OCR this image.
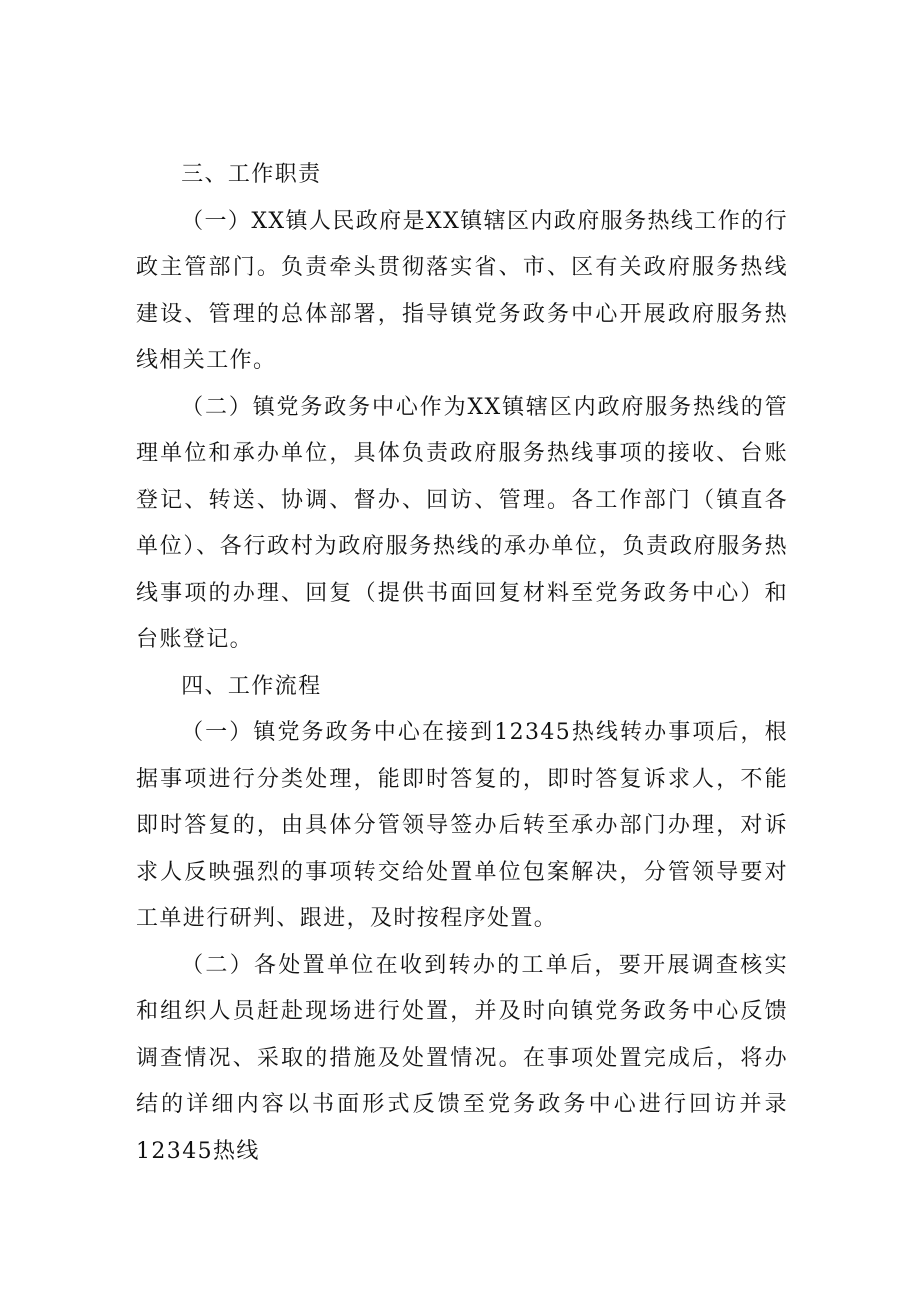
三、工作职责

（一）XX镇人民政府是XX镇辖区内政府服务热线工作的行政主管部门。负责牵头贯彻落实省、市、区有关政府服务热线建设、管理的总体部署，指导镇党务政务中心开展政府服务热线相关工作。

（二）镇党务政务中心作为XX镇辖区内政府服务热线的管理单位和承办单位，具体负责政府服务热线事项的接收、台账登记、转送、协调、督办、回访、管理。各工作部门（镇直各单位）、各行政村为政府服务热线的承办单位，负责政府服务热线事项的办理、回复（提供书面回复材料至党务政务中心）和台账登记。

四、工作流程

（一）镇党务政务中心在接到12345热线转办事项后，根据事项进行分类处理，能即时答复的，即时答复诉求人，不能即时答复的，由具体分管领导签办后转至承办部门办理，对诉求人反映强烈的事项转交给处置单位包案解决，分管领导要对工单进行研判、跟进，及时按程序处置。

（二）各处置单位在收到转办的工单后，要开展调查核实和组织人员赶赴现场进行处置，并及时向镇党务政务中心反馈调查情况、采取的措施及处置情况。在事项处置完成后，将办结的详细内容以书面形式反馈至党务政务中心进行回访并录12345热线
